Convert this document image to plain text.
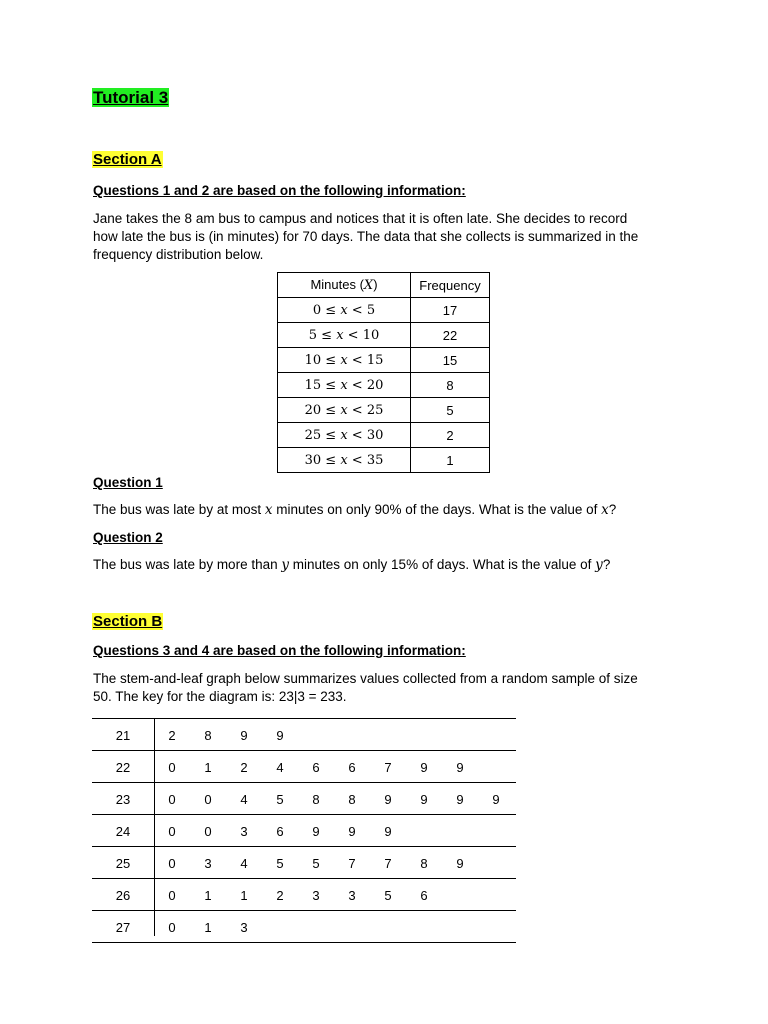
Tutorial 3
Section A
Questions 1 and 2 are based on the following information:
Jane takes the 8 am bus to campus and notices that it is often late. She decides to record
how late the bus is (in minutes) for 70 days. The data that she collects is summarized in the
frequency distribution below.
Minutes (X)	Frequency
0 ≤ x < 5	17
5 ≤ x < 10	22
10 ≤ x < 15	15
15 ≤ x < 20	8
20 ≤ x < 25	5
25 ≤ x < 30	2
30 ≤ x < 35	1
Question 1
The bus was late by at most x minutes on only 90% of the days. What is the value of x?
Question 2
The bus was late by more than y minutes on only 15% of days. What is the value of y?
Section B
Questions 3 and 4 are based on the following information:
The stem-and-leaf graph below summarizes values collected from a random sample of size
50. The key for the diagram is: 23|3 = 233.
21	2	8	9	9
22	0	1	2	4	6	6	7	9	9
23	0	0	4	5	8	8	9	9	9	9
24	0	0	3	6	9	9	9
25	0	3	4	5	5	7	7	8	9
26	0	1	1	2	3	3	5	6
27	0	1	3
